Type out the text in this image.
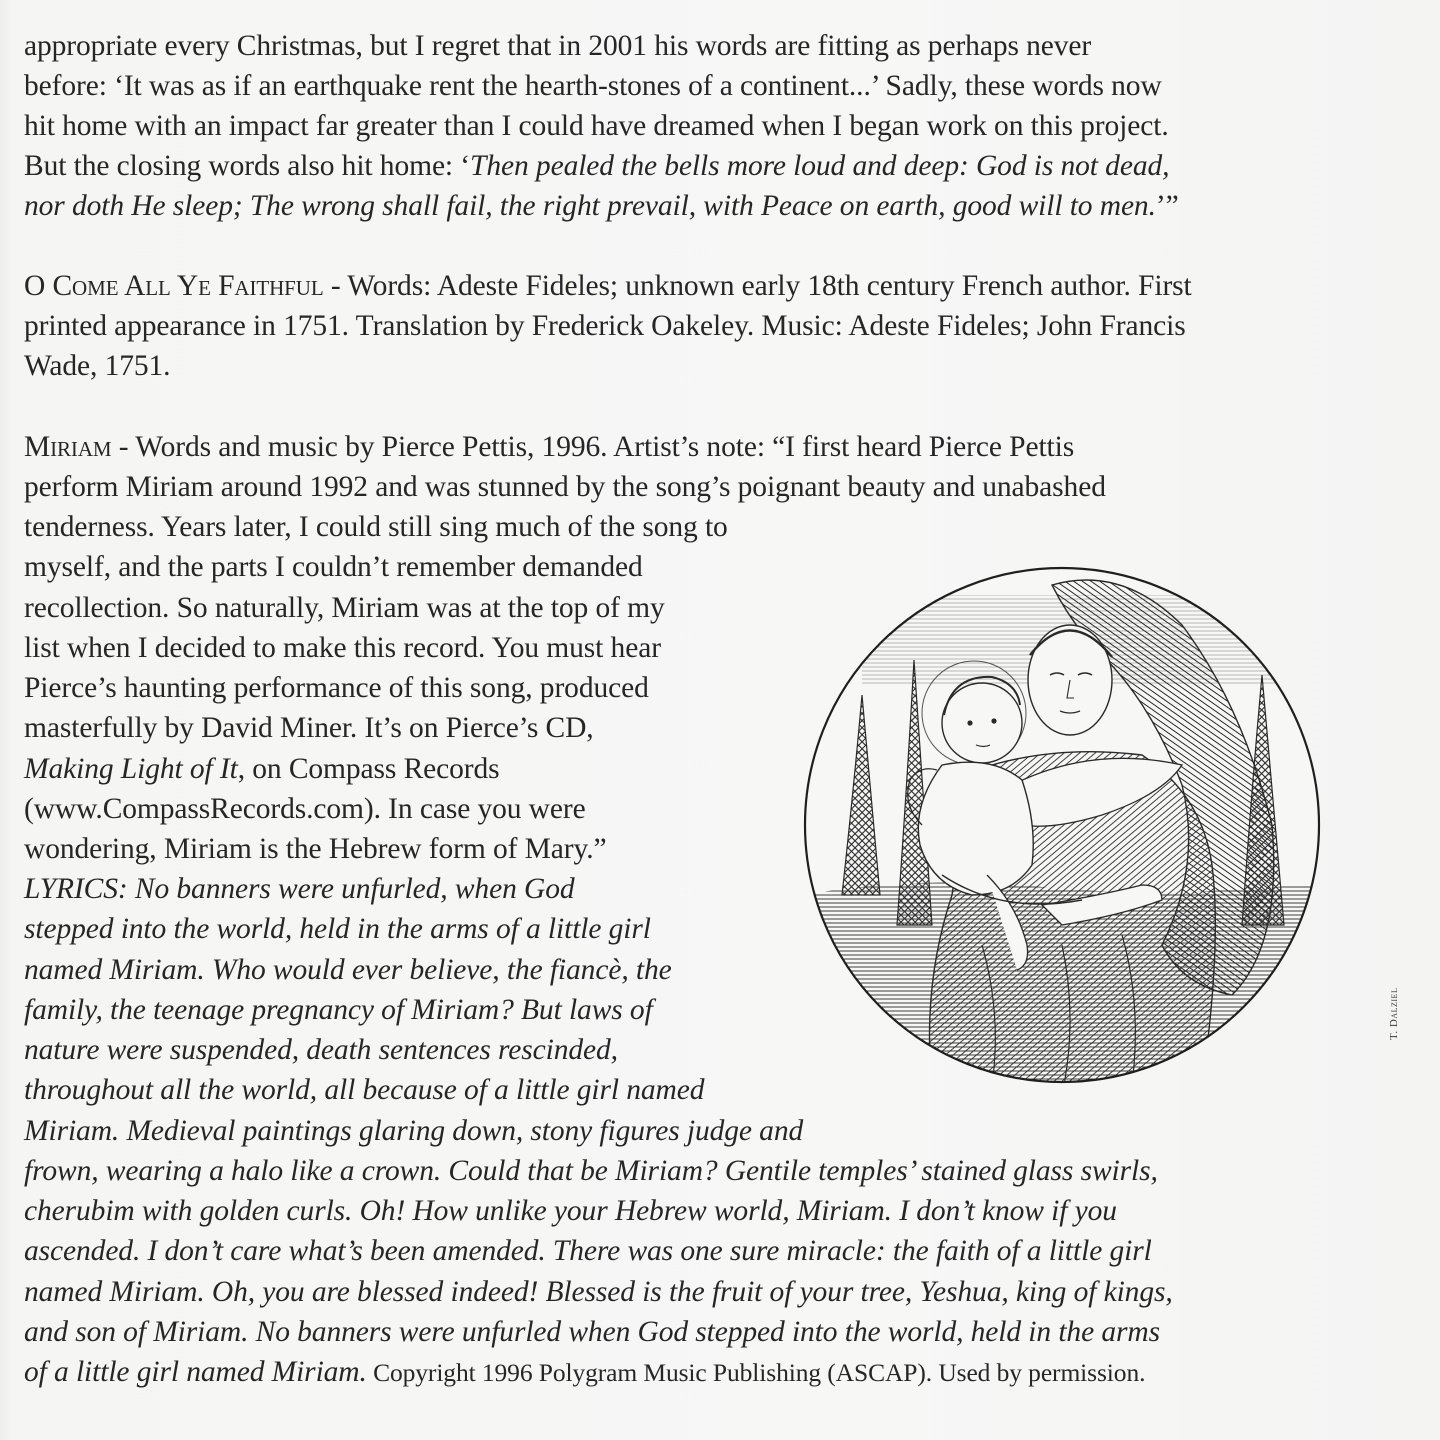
appropriate every Christmas, but I regret that in 2001 his words are fitting as perhaps never
before: ‘It was as if an earthquake rent the hearth-stones of a continent...’ Sadly, these words now
hit home with an impact far greater than I could have dreamed when I began work on this project.
But the closing words also hit home: ‘Then pealed the bells more loud and deep: God is not dead,
nor doth He sleep; The wrong shall fail, the right prevail, with Peace on earth, good will to men.’”
O Come All Ye Faithful - Words: Adeste Fideles; unknown early 18th century French author. First
printed appearance in 1751. Translation by Frederick Oakeley. Music: Adeste Fideles; John Francis
Wade, 1751.
Miriam - Words and music by Pierce Pettis, 1996. Artist’s note: “I first heard Pierce Pettis
perform Miriam around 1992 and was stunned by the song’s poignant beauty and unabashed
tenderness. Years later, I could still sing much of the song to
myself, and the parts I couldn’t remember demanded
recollection. So naturally, Miriam was at the top of my
list when I decided to make this record. You must hear
Pierce’s haunting performance of this song, produced
masterfully by David Miner. It’s on Pierce’s CD,
Making Light of It, on Compass Records
(www.CompassRecords.com). In case you were
wondering, Miriam is the Hebrew form of Mary.”
LYRICS: No banners were unfurled, when God
stepped into the world, held in the arms of a little girl
named Miriam. Who would ever believe, the fiancè, the
family, the teenage pregnancy of Miriam? But laws of
nature were suspended, death sentences rescinded,
throughout all the world, all because of a little girl named
Miriam. Medieval paintings glaring down, stony figures judge and
frown, wearing a halo like a crown. Could that be Miriam? Gentile temples’ stained glass swirls,
cherubim with golden curls. Oh! How unlike your Hebrew world, Miriam. I don’t know if you
ascended. I don’t care what’s been amended. There was one sure miracle: the faith of a little girl
named Miriam. Oh, you are blessed indeed! Blessed is the fruit of your tree, Yeshua, king of kings,
and son of Miriam. No banners were unfurled when God stepped into the world, held in the arms
of a little girl named Miriam. Copyright 1996 Polygram Music Publishing (ASCAP). Used by permission.
T. Dalziel
